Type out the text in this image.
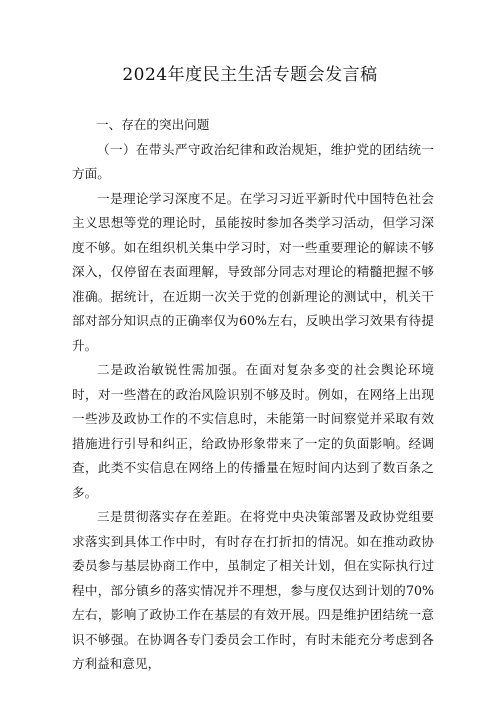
2024年度民主生活专题会发言稿

一、存在的突出问题

（一）在带头严守政治纪律和政治规矩，维护党的团结统一方面。

一是理论学习深度不足。在学习习近平新时代中国特色社会主义思想等党的理论时，虽能按时参加各类学习活动，但学习深度不够。如在组织机关集中学习时，对一些重要理论的解读不够深入，仅停留在表面理解，导致部分同志对理论的精髓把握不够准确。据统计，在近期一次关于党的创新理论的测试中，机关干部对部分知识点的正确率仅为60%左右，反映出学习效果有待提升。

二是政治敏锐性需加强。在面对复杂多变的社会舆论环境时，对一些潜在的政治风险识别不够及时。例如，在网络上出现一些涉及政协工作的不实信息时，未能第一时间察觉并采取有效措施进行引导和纠正，给政协形象带来了一定的负面影响。经调查，此类不实信息在网络上的传播量在短时间内达到了数百条之多。

三是贯彻落实存在差距。在将党中央决策部署及政协党组要求落实到具体工作中时，有时存在打折扣的情况。如在推动政协委员参与基层协商工作中，虽制定了相关计划，但在实际执行过程中，部分镇乡的落实情况并不理想，参与度仅达到计划的70%左右，影响了政协工作在基层的有效开展。四是维护团结统一意识不够强。在协调各专门委员会工作时，有时未能充分考虑到各方利益和意见，
